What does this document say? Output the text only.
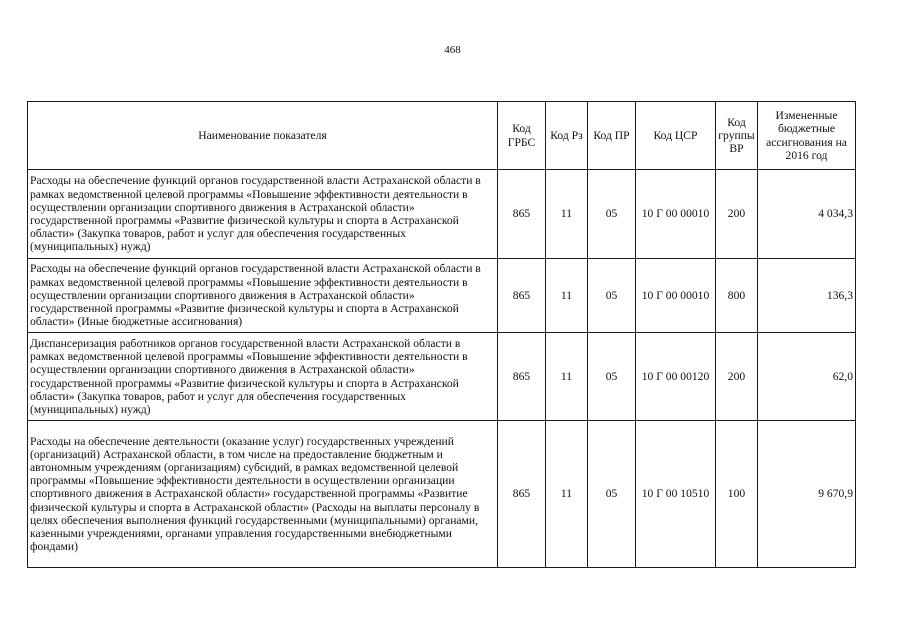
468
Наименование показателя	Код ГРБС	Код Рз	Код ПР	Код ЦСР	Код группы ВР	Измененные бюджетные ассигнования на 2016 год
Расходы на обеспечение функций органов государственной власти Астраханской области в рамках ведомственной целевой программы «Повышение эффективности деятельности в осуществлении организации спортивного движения в Астраханской области» государственной программы «Развитие физической культуры и спорта в Астраханской области» (Закупка товаров, работ и услуг для обеспечения государственных (муниципальных) нужд)	865	11	05	10 Г 00 00010	200	4 034,3
Расходы на обеспечение функций органов государственной власти Астраханской области в рамках ведомственной целевой программы «Повышение эффективности деятельности в осуществлении организации спортивного движения в Астраханской области» государственной программы «Развитие физической культуры и спорта в Астраханской области» (Иные бюджетные ассигнования)	865	11	05	10 Г 00 00010	800	136,3
Диспансеризация работников органов государственной власти Астраханской области в рамках ведомственной целевой программы «Повышение эффективности деятельности в осуществлении организации спортивного движения в Астраханской области» государственной программы «Развитие физической культуры и спорта в Астраханской области» (Закупка товаров, работ и услуг для обеспечения государственных (муниципальных) нужд)	865	11	05	10 Г 00 00120	200	62,0
Расходы на обеспечение деятельности (оказание услуг) государственных учреждений (организаций) Астраханской области, в том числе на предоставление бюджетным и автономным учреждениям (организациям) субсидий, в рамках ведомственной целевой программы «Повышение эффективности деятельности в осуществлении организации спортивного движения в Астраханской области» государственной программы «Развитие физической культуры и спорта в Астраханской области» (Расходы на выплаты персоналу в целях обеспечения выполнения функций государственными (муниципальными) органами, казенными учреждениями, органами управления государственными внебюджетными фондами)	865	11	05	10 Г 00 10510	100	9 670,9
